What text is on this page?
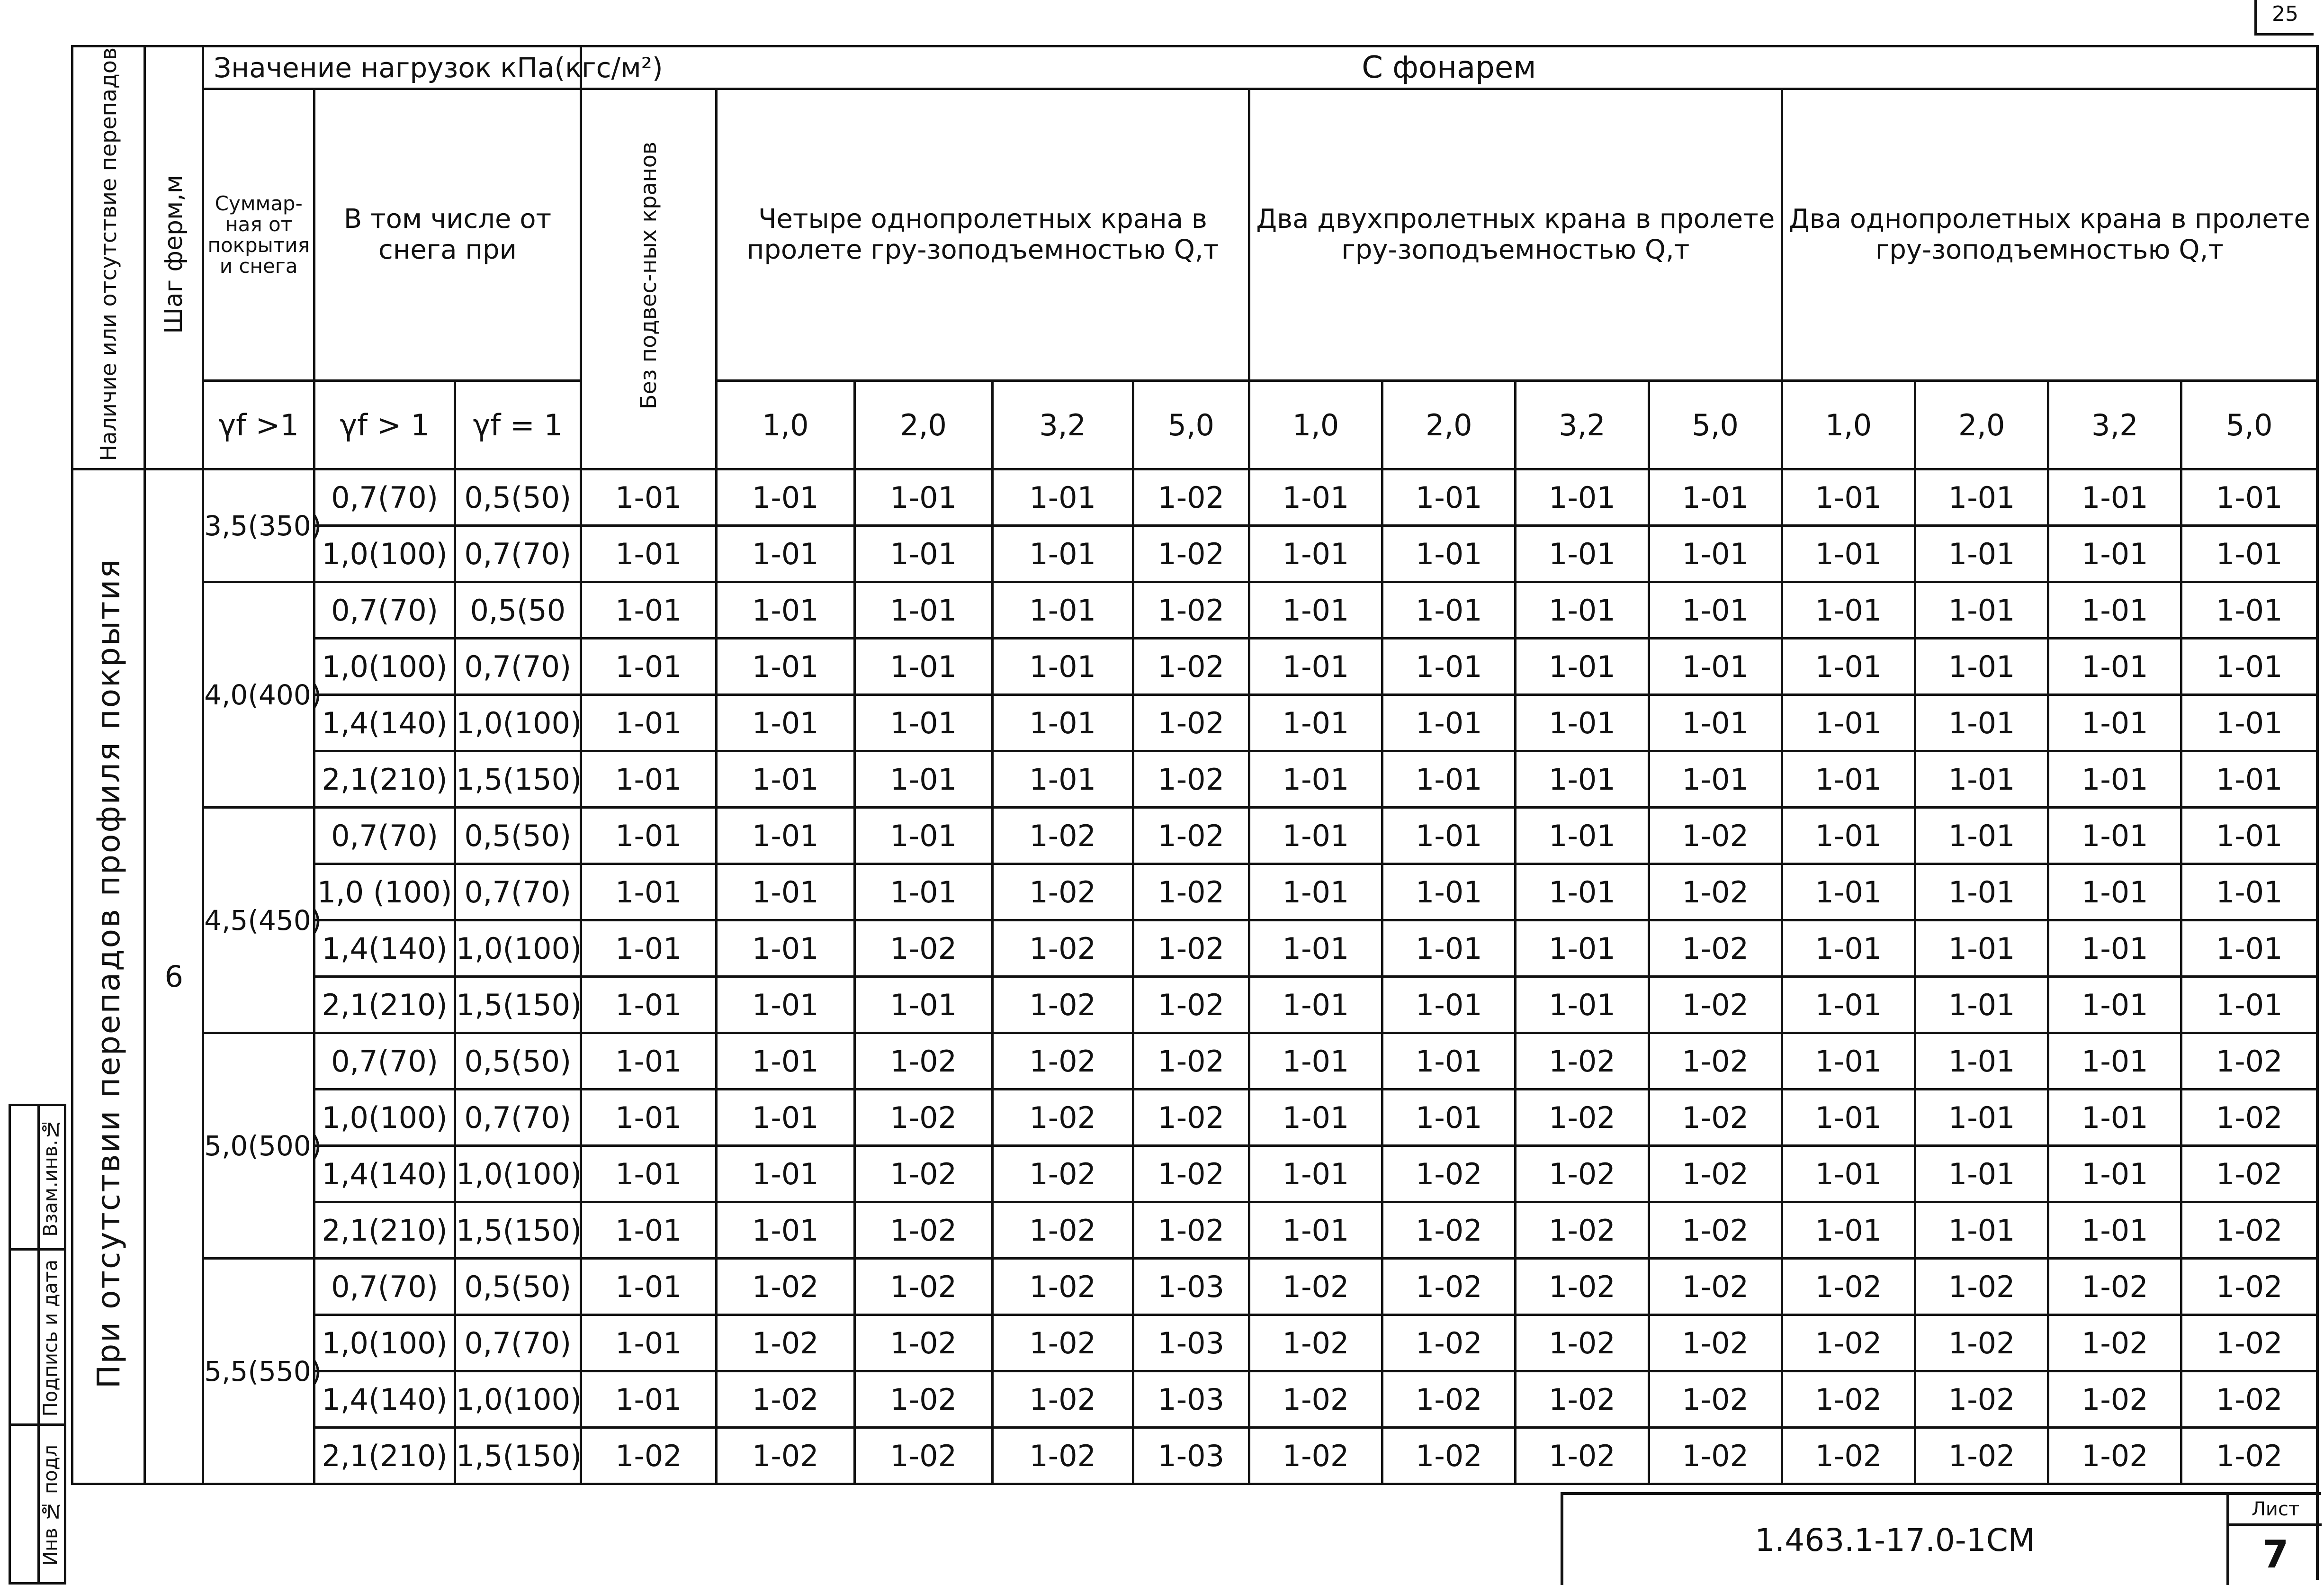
25
Наличие или отсутствие перепадов	Шаг ферм,м	Значение нагрузок кПа(кгс/м²)			С фонарем												
		Суммар-ная от покрытия и снега	В том числе от снега при		Без подвес-ных кранов	Четыре однопролетных крана в пролете гру-зоподъемностью Q,т				Два двухпролетных крана в пролете гру-зоподъемностью Q,т				Два однопролетных крана в пролете гру-зоподъемностью Q,т			
		γf >1	γf > 1	γf = 1		1,0	2,0	3,2	5,0	1,0	2,0	3,2	5,0	1,0	2,0	3,2	5,0
При отсутствии перепадов профиля покрытия	6	3,5(350)	0,7(70)	0,5(50)	1-01	1-01	1-01	1-01	1-02	1-01	1-01	1-01	1-01	1-01	1-01	1-01	1-01
			1,0(100)	0,7(70)	1-01	1-01	1-01	1-01	1-02	1-01	1-01	1-01	1-01	1-01	1-01	1-01	1-01
		4,0(400)	0,7(70)	0,5(50	1-01	1-01	1-01	1-01	1-02	1-01	1-01	1-01	1-01	1-01	1-01	1-01	1-01
			1,0(100)	0,7(70)	1-01	1-01	1-01	1-01	1-02	1-01	1-01	1-01	1-01	1-01	1-01	1-01	1-01
			1,4(140)	1,0(100)	1-01	1-01	1-01	1-01	1-02	1-01	1-01	1-01	1-01	1-01	1-01	1-01	1-01
			2,1(210)	1,5(150)	1-01	1-01	1-01	1-01	1-02	1-01	1-01	1-01	1-01	1-01	1-01	1-01	1-01
		4,5(450)	0,7(70)	0,5(50)	1-01	1-01	1-01	1-02	1-02	1-01	1-01	1-01	1-02	1-01	1-01	1-01	1-01
			1,0 (100)	0,7(70)	1-01	1-01	1-01	1-02	1-02	1-01	1-01	1-01	1-02	1-01	1-01	1-01	1-01
			1,4(140)	1,0(100)	1-01	1-01	1-02	1-02	1-02	1-01	1-01	1-01	1-02	1-01	1-01	1-01	1-01
			2,1(210)	1,5(150)	1-01	1-01	1-01	1-02	1-02	1-01	1-01	1-01	1-02	1-01	1-01	1-01	1-01
		5,0(500)	0,7(70)	0,5(50)	1-01	1-01	1-02	1-02	1-02	1-01	1-01	1-02	1-02	1-01	1-01	1-01	1-02
			1,0(100)	0,7(70)	1-01	1-01	1-02	1-02	1-02	1-01	1-01	1-02	1-02	1-01	1-01	1-01	1-02
			1,4(140)	1,0(100)	1-01	1-01	1-02	1-02	1-02	1-01	1-02	1-02	1-02	1-01	1-01	1-01	1-02
			2,1(210)	1,5(150)	1-01	1-01	1-02	1-02	1-02	1-01	1-02	1-02	1-02	1-01	1-01	1-01	1-02
		5,5(550)	0,7(70)	0,5(50)	1-01	1-02	1-02	1-02	1-03	1-02	1-02	1-02	1-02	1-02	1-02	1-02	1-02
			1,0(100)	0,7(70)	1-01	1-02	1-02	1-02	1-03	1-02	1-02	1-02	1-02	1-02	1-02	1-02	1-02
			1,4(140)	1,0(100)	1-01	1-02	1-02	1-02	1-03	1-02	1-02	1-02	1-02	1-02	1-02	1-02	1-02
			2,1(210)	1,5(150)	1-02	1-02	1-02	1-02	1-03	1-02	1-02	1-02	1-02	1-02	1-02	1-02	1-02
Взам.инв.№
Подпись и дата
Инв № подл	1.463.1-17.0-1СМ
Лист
7
